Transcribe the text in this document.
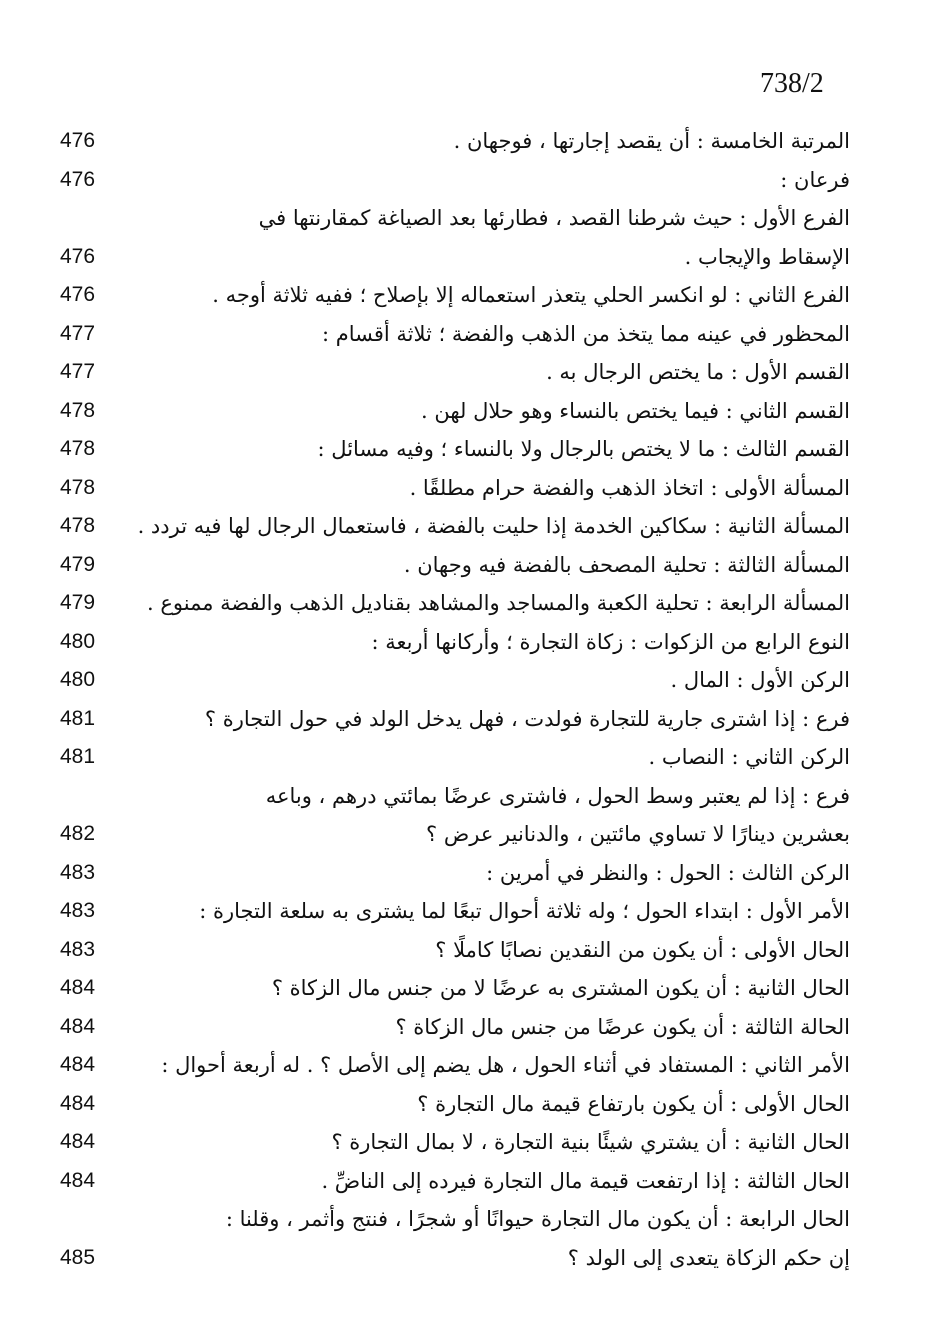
738/2
المرتبة الخامسة : أن يقصد إجارتها ، فوجهان .
476
فرعان :
476
الفرع الأول : حيث شرطنا القصد ، فطارئها بعد الصياغة كمقارنتها في
الإسقاط والإيجاب .
476
الفرع الثاني : لو انكسر الحلي يتعذر استعماله إلا بإصلاح ؛ ففيه ثلاثة أوجه .
476
المحظور في عينه مما يتخذ من الذهب والفضة ؛ ثلاثة أقسام :
477
القسم الأول : ما يختص الرجال به .
477
القسم الثاني : فيما يختص بالنساء وهو حلال لهن .
478
القسم الثالث : ما لا يختص بالرجال ولا بالنساء ؛ وفيه مسائل :
478
المسألة الأولى : اتخاذ الذهب والفضة حرام مطلقًا .
478
المسألة الثانية : سكاكين الخدمة إذا حليت بالفضة ، فاستعمال الرجال لها فيه تردد .
478
المسألة الثالثة : تحلية المصحف بالفضة فيه وجهان .
479
المسألة الرابعة : تحلية الكعبة والمساجد والمشاهد بقناديل الذهب والفضة ممنوع .
479
النوع الرابع من الزكوات : زكاة التجارة ؛ وأركانها أربعة :
480
الركن الأول : المال .
480
فرع : إذا اشترى جارية للتجارة فولدت ، فهل يدخل الولد في حول التجارة ؟
481
الركن الثاني : النصاب .
481
فرع : إذا لم يعتبر وسط الحول ، فاشترى عرضًا بمائتي درهم ، وباعه
بعشرين دينارًا لا تساوي مائتين ، والدنانير عرض ؟
482
الركن الثالث : الحول : والنظر في أمرين :
483
الأمر الأول : ابتداء الحول ؛ وله ثلاثة أحوال تبعًا لما يشترى به سلعة التجارة :
483
الحال الأولى : أن يكون من النقدين نصابًا كاملًا ؟
483
الحال الثانية : أن يكون المشترى به عرضًا لا من جنس مال الزكاة ؟
484
الحالة الثالثة : أن يكون عرضًا من جنس مال الزكاة ؟
484
الأمر الثاني : المستفاد في أثناء الحول ، هل يضم إلى الأصل ؟ . له أربعة أحوال :
484
الحال الأولى : أن يكون بارتفاع قيمة مال التجارة ؟
484
الحال الثانية : أن يشتري شيئًا بنية التجارة ، لا بمال التجارة ؟
484
الحال الثالثة : إذا ارتفعت قيمة مال التجارة فيرده إلى الناضِّ .
484
الحال الرابعة : أن يكون مال التجارة حيوانًا أو شجرًا ، فنتج وأثمر ، وقلنا :
إن حكم الزكاة يتعدى إلى الولد ؟
485
